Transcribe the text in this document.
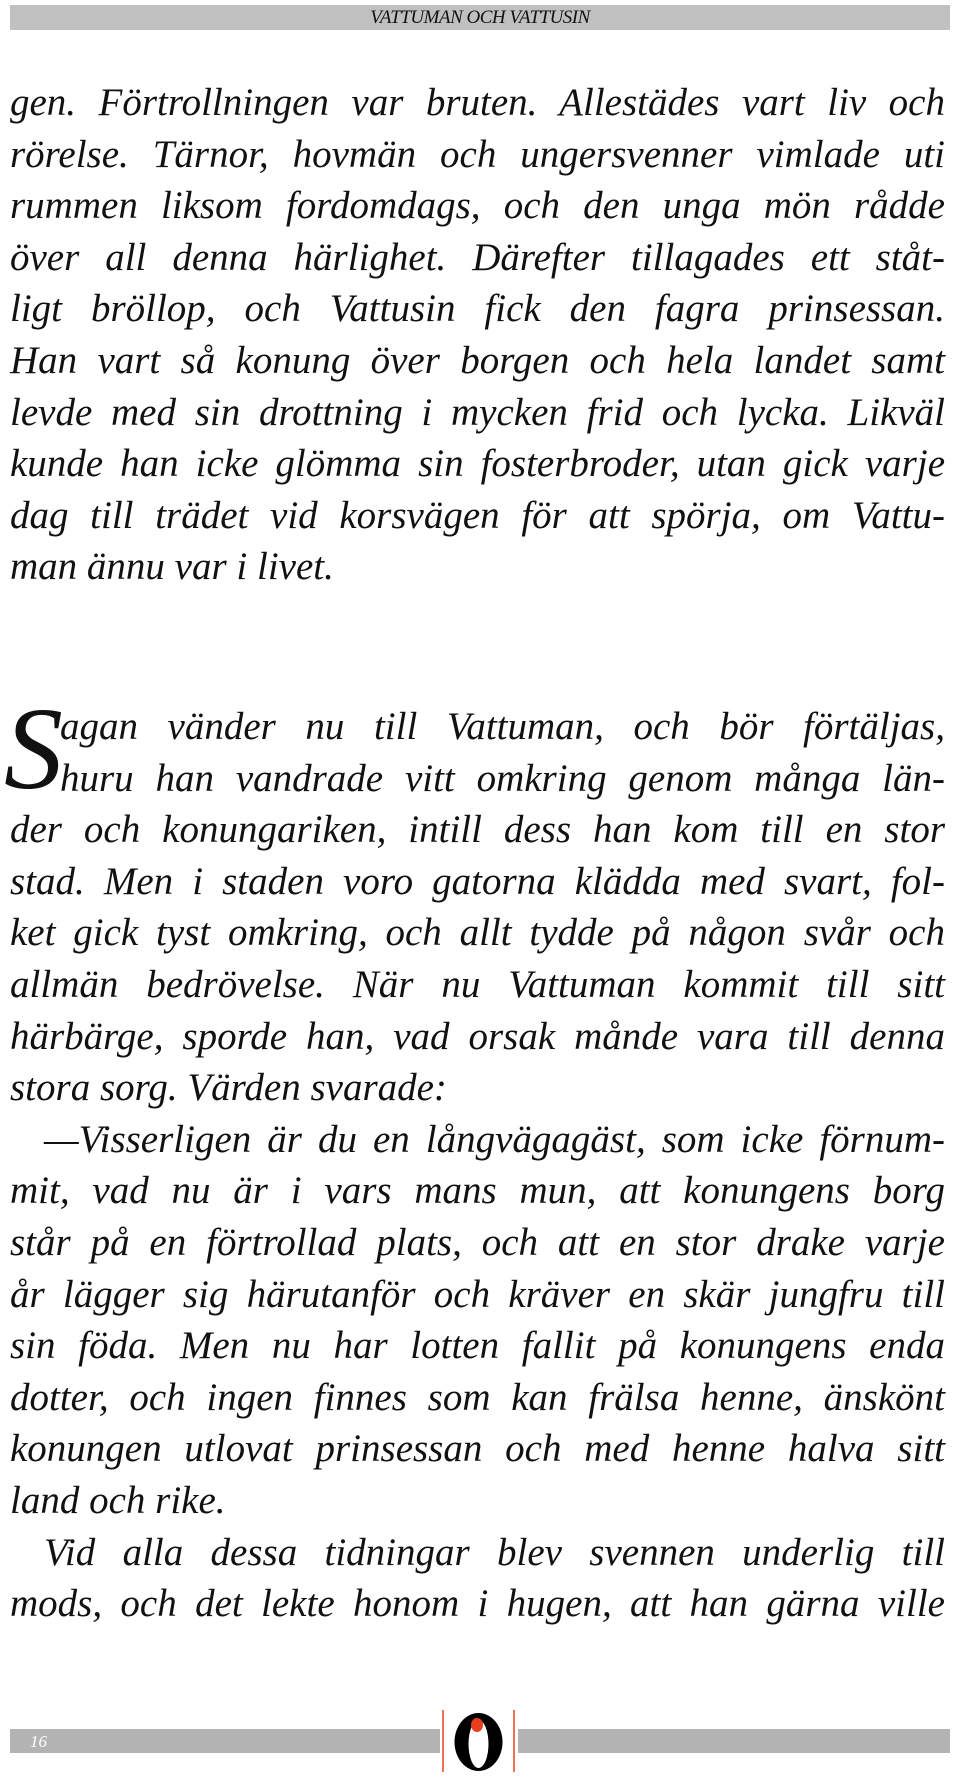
VATTUMAN OCH VATTUSIN
gen. Förtrollningen var bruten. Allestädes vart liv och
rörelse. Tärnor, hovmän och ungersvenner vimlade uti
rummen liksom fordomdags, och den unga mön rådde
över all denna härlighet. Därefter tillagades ett ståt-
ligt bröllop, och Vattusin fick den fagra prinsessan.
Han vart så konung över borgen och hela landet samt
levde med sin drottning i mycken frid och lycka. Likväl
kunde han icke glömma sin fosterbroder, utan gick varje
dag till trädet vid korsvägen för att spörja, om Vattu-
man ännu var i livet.
S
agan vänder nu till Vattuman, och bör förtäljas,
huru han vandrade vitt omkring genom många län-
der och konungariken, intill dess han kom till en stor
stad. Men i staden voro gatorna klädda med svart, fol-
ket gick tyst omkring, och allt tydde på någon svår och
allmän bedrövelse. När nu Vattuman kommit till sitt
härbärge, sporde han, vad orsak månde vara till denna
stora sorg. Värden svarade:
—Visserligen är du en långvägagäst, som icke förnum-
mit, vad nu är i vars mans mun, att konungens borg
står på en förtrollad plats, och att en stor drake varje
år lägger sig härutanför och kräver en skär jungfru till
sin föda. Men nu har lotten fallit på konungens enda
dotter, och ingen finnes som kan frälsa henne, änskönt
konungen utlovat prinsessan och med henne halva sitt
land och rike.
Vid alla dessa tidningar blev svennen underlig till
mods, och det lekte honom i hugen, att han gärna ville
16
